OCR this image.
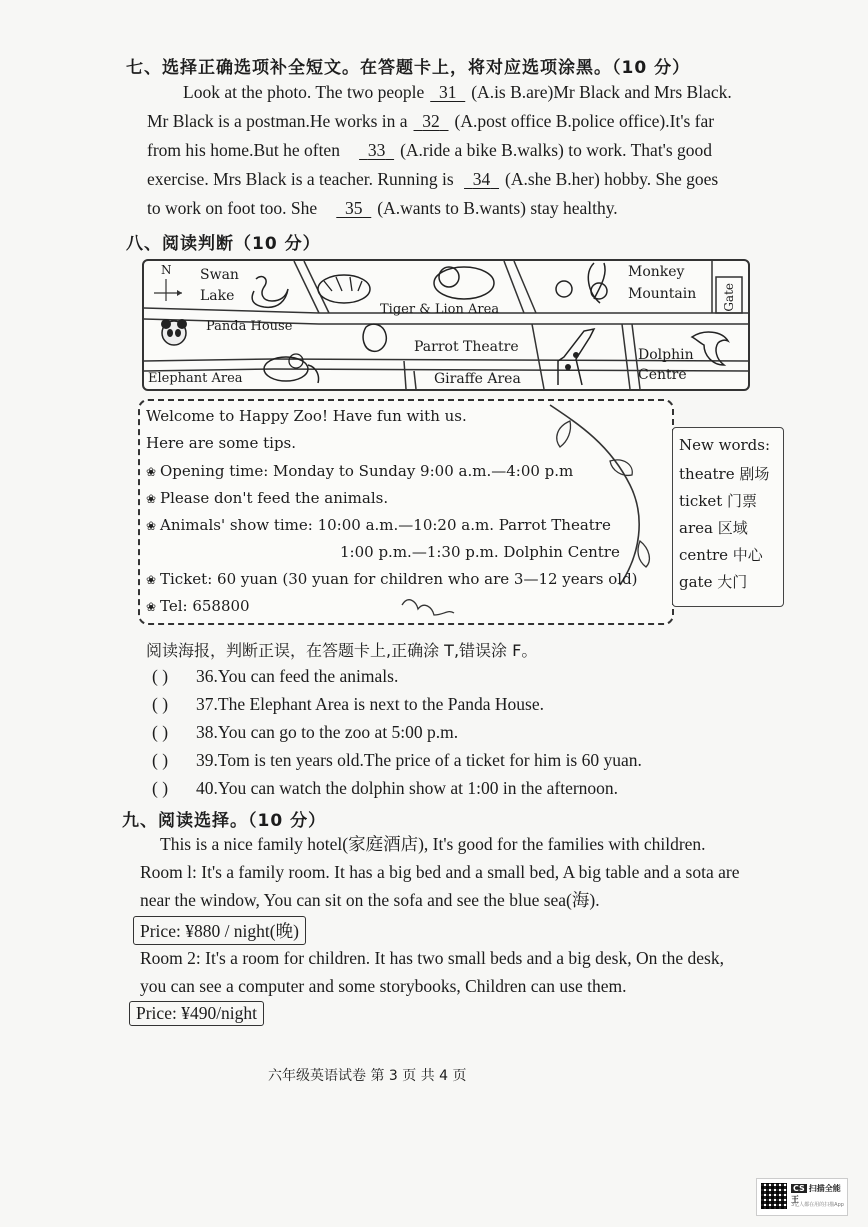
七、选择正确选项补全短文。在答题卡上，将对应选项涂黑。（10 分）
Look at the photo. The two people 31 (A.is B.are)Mr Black and Mrs Black.
Mr Black is a postman.He works in a 32 (A.post office B.police office).It's far
from his home.But he often 33 (A.ride a bike B.walks) to work. That's good
exercise. Mrs Black is a teacher. Running is 34 (A.she B.her) hobby. She goes
to work on foot too. She 35 (A.wants to B.wants) stay healthy.
八、阅读判断（10 分）
N Swan
Lake
Tiger & Lion Area
Monkey
Mountain Gate
Panda House
Parrot Theatre	Dolphin
Centre
Elephant Area	Giraffe Area
Welcome to Happy Zoo! Have fun with us.
Here are some tips.
❀ Opening time: Monday to Sunday 9:00 a.m.—4:00 p.m
❀ Please don't feed the animals.
❀ Animals' show time: 10:00 a.m.—10:20 a.m. Parrot Theatre
1:00 p.m.—1:30 p.m. Dolphin Centre
❀ Ticket: 60 yuan (30 yuan for children who are 3—12 years old)
❀ Tel: 658800
New words:
theatre 剧场
ticket 门票
area 区域
centre 中心
gate 大门
阅读海报，判断正误，在答题卡上,正确涂 T,错误涂 F。
( ) 36.You can feed the animals.
( ) 37.The Elephant Area is next to the Panda House.
( ) 38.You can go to the zoo at 5:00 p.m.
( ) 39.Tom is ten years old.The price of a ticket for him is 60 yuan.
( ) 40.You can watch the dolphin show at 1:00 in the afternoon.
九、阅读选择。（10 分）
This is a nice family hotel(家庭酒店), It's good for the families with children.
Room l: It's a family room. It has a big bed and a small bed, A big table and a sota are
near the window, You can sit on the sofa and see the blue sea(海).
Price: ¥880 / night(晚)
Room 2: It's a room for children. It has two small beds and a big desk, On the desk,
you can see a computer and some storybooks, Children can use them.
Price: ¥490/night
六年级英语试卷 第 3 页 共 4 页
CS 扫描全能王
3亿人都在用的扫描App
